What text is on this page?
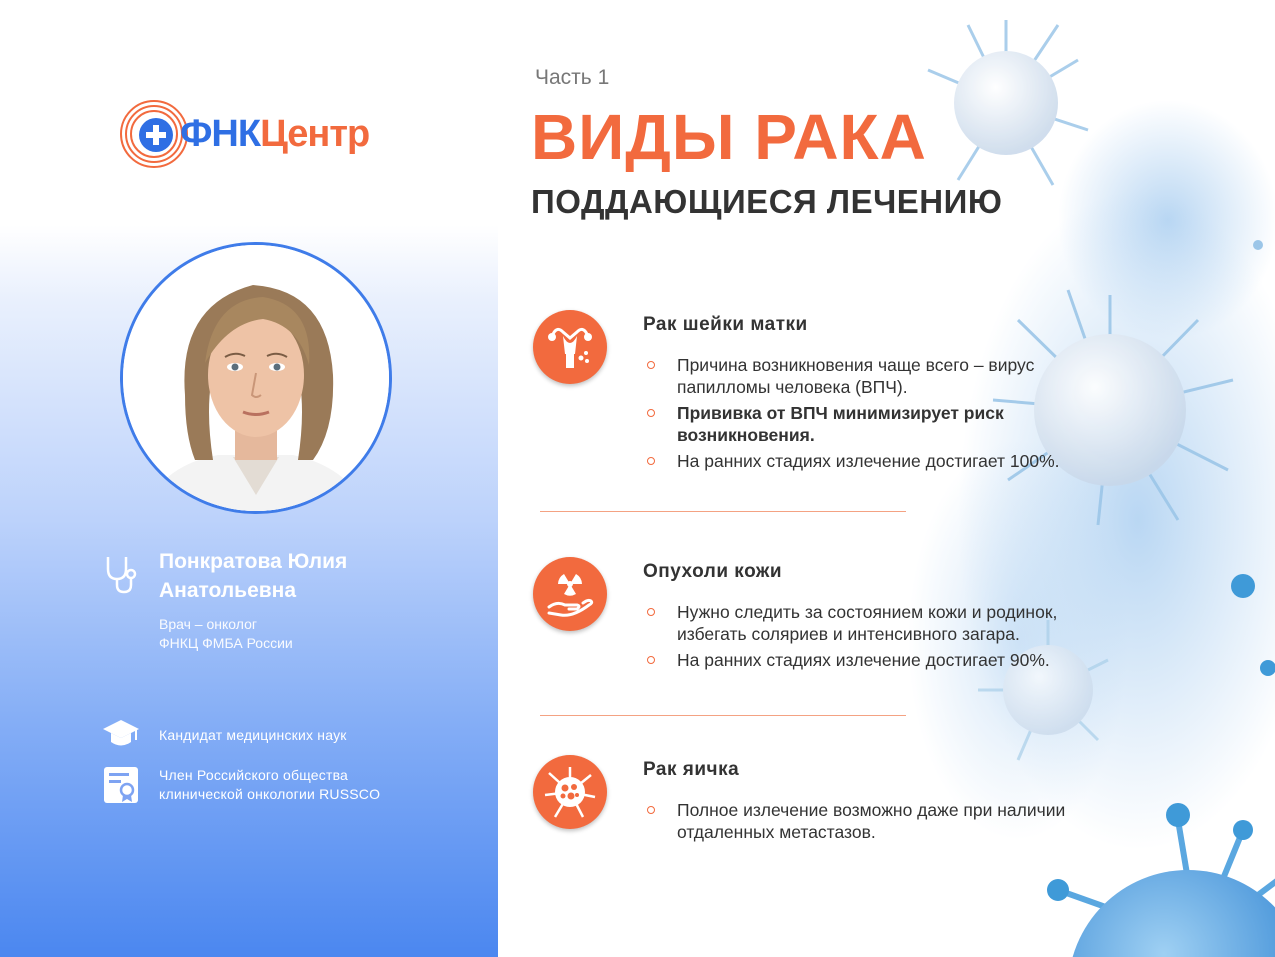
ФНКЦентр
Понкратова Юлия
Анатольевна
Врач – онколог
ФНКЦ ФМБА России
Кандидат медицинских наук
Член Российского общества
клинической онкологии RUSSCO
Часть 1
ВИДЫ РАКА
ПОДДАЮЩИЕСЯ ЛЕЧЕНИЮ
Рак шейки матки
Причина возникновения чаще всего – вирус папилломы человека (ВПЧ).
Прививка от ВПЧ минимизирует риск возникновения.
На ранних стадиях излечение достигает 100%.
Опухоли кожи
Нужно следить за состоянием кожи и родинок, избегать соляриев и интенсивного загара.
На ранних стадиях излечение достигает 90%.
Рак яичка
Полное излечение возможно даже при наличии отдаленных метастазов.
